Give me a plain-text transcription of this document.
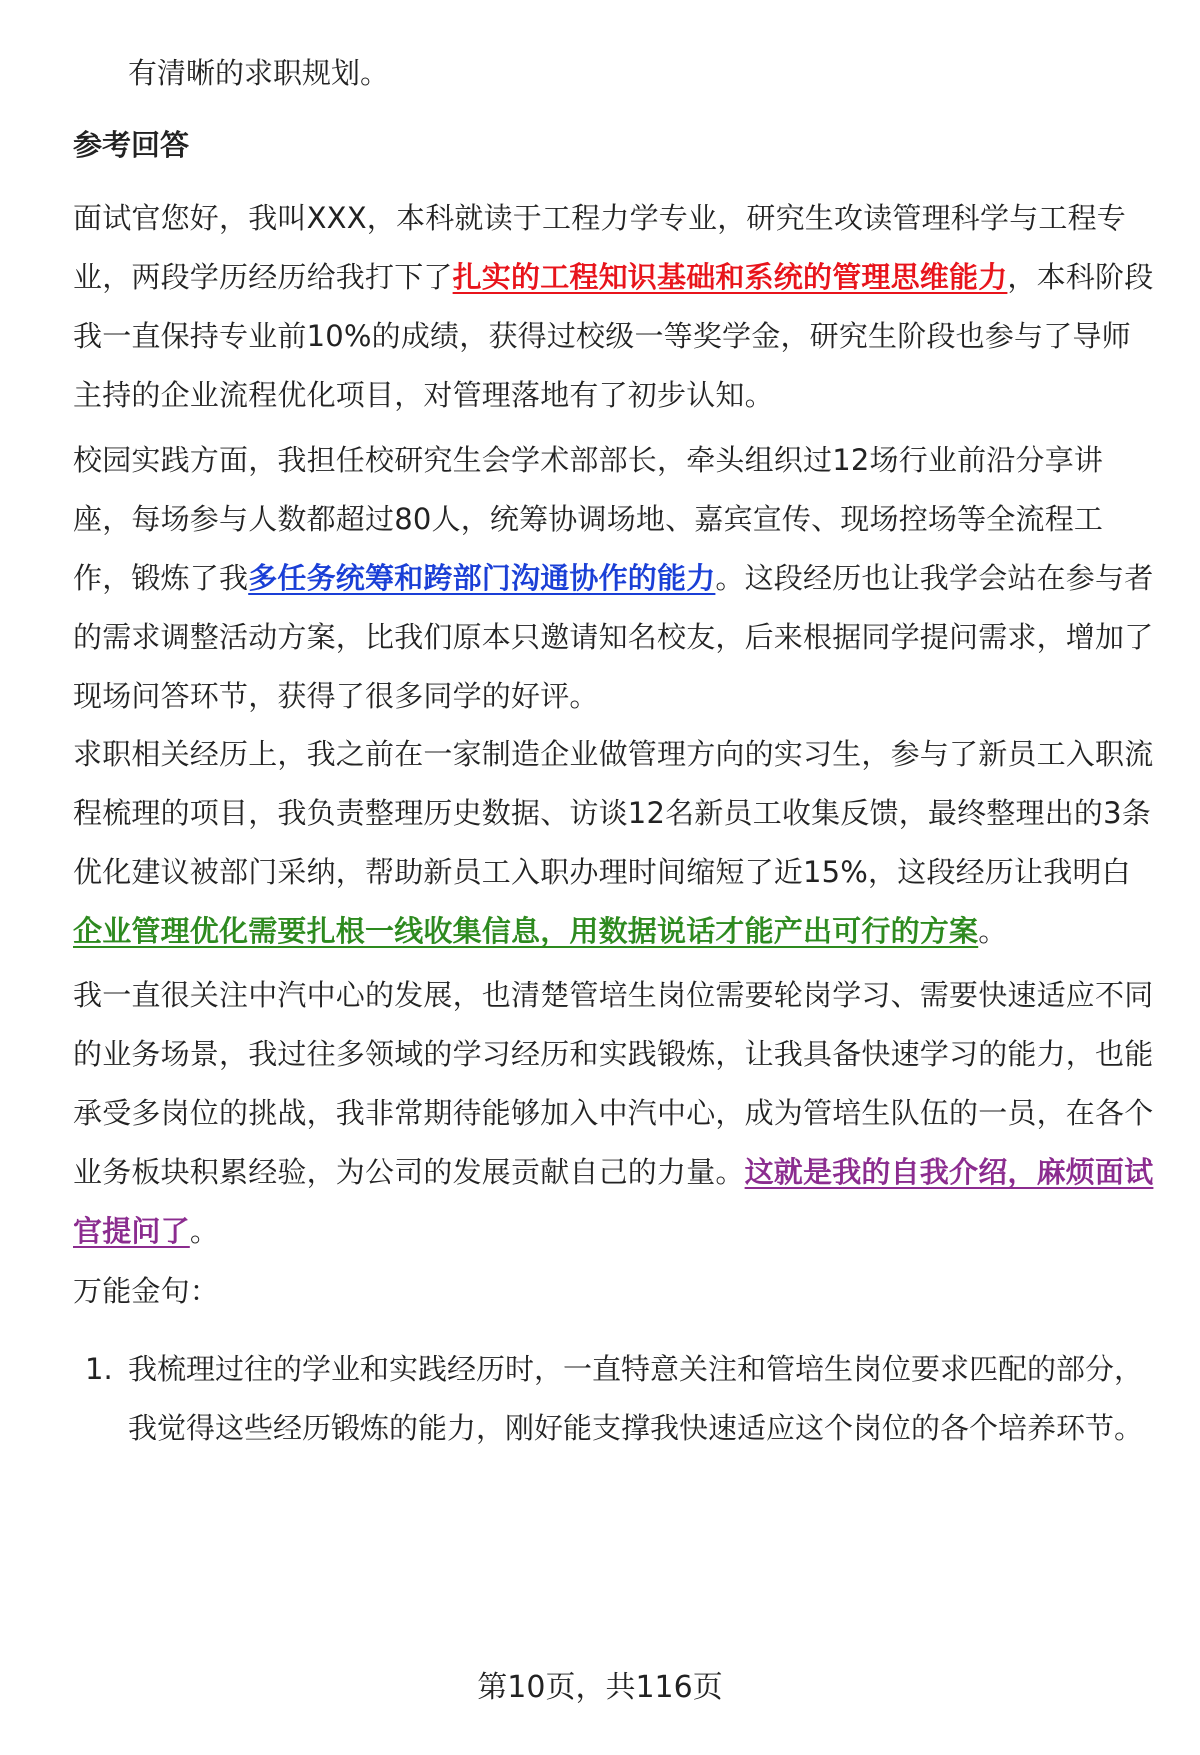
有清晰的求职规划。

参考回答

面试官您好，我叫XXX，本科就读于工程力学专业，研究生攻读管理科学与工程专业，两段学历经历给我打下了扎实的工程知识基础和系统的管理思维能力，本科阶段我一直保持专业前10%的成绩，获得过校级一等奖学金，研究生阶段也参与了导师主持的企业流程优化项目，对管理落地有了初步认知。

校园实践方面，我担任校研究生会学术部部长，牵头组织过12场行业前沿分享讲座，每场参与人数都超过80人，统筹协调场地、嘉宾宣传、现场控场等全流程工作，锻炼了我多任务统筹和跨部门沟通协作的能力。这段经历也让我学会站在参与者的需求调整活动方案，比我们原本只邀请知名校友，后来根据同学提问需求，增加了现场问答环节，获得了很多同学的好评。

求职相关经历上，我之前在一家制造企业做管理方向的实习生，参与了新员工入职流程梳理的项目，我负责整理历史数据、访谈12名新员工收集反馈，最终整理出的3条优化建议被部门采纳，帮助新员工入职办理时间缩短了近15%，这段经历让我明白企业管理优化需要扎根一线收集信息，用数据说话才能产出可行的方案。

我一直很关注中汽中心的发展，也清楚管培生岗位需要轮岗学习、需要快速适应不同的业务场景，我过往多领域的学习经历和实践锻炼，让我具备快速学习的能力，也能承受多岗位的挑战，我非常期待能够加入中汽中心，成为管培生队伍的一员，在各个业务板块积累经验，为公司的发展贡献自己的力量。这就是我的自我介绍，麻烦面试官提问了。

万能金句：

1. 我梳理过往的学业和实践经历时，一直特意关注和管培生岗位要求匹配的部分，我觉得这些经历锻炼的能力，刚好能支撑我快速适应这个岗位的各个培养环节。
第10页，共116页
